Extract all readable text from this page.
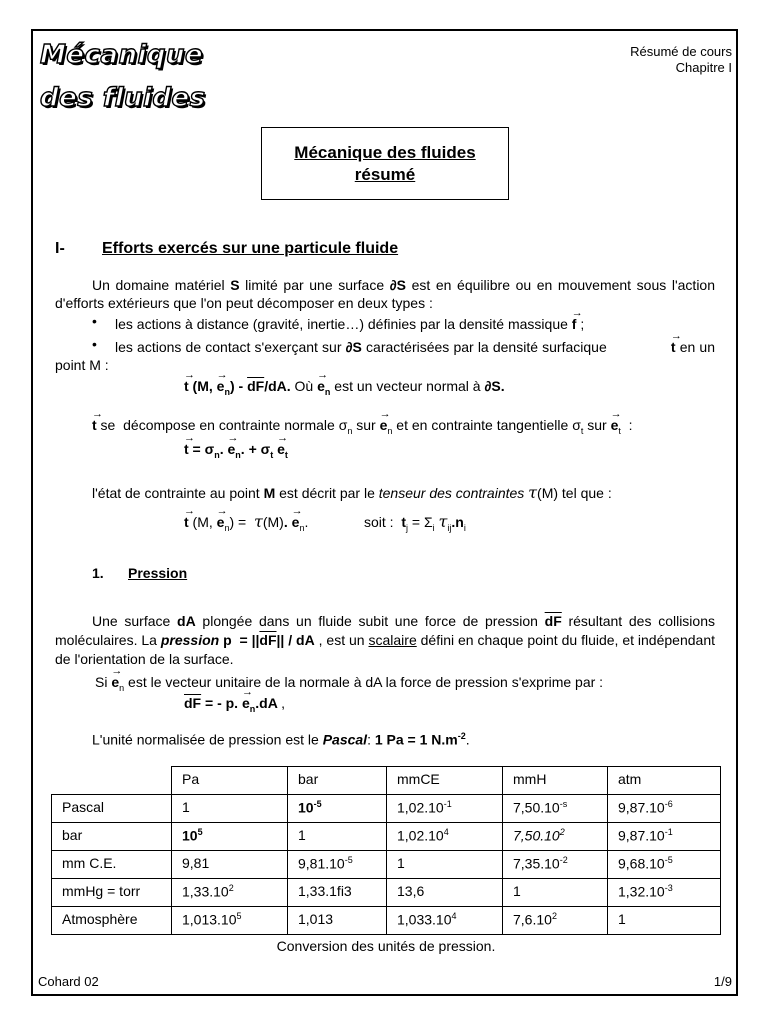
Mécanique
des fluides
Résumé de cours
Chapitre I
Mécanique des fluides
résumé
I- Efforts exercés sur une particule fluide
Un domaine matériel S limité par une surface ∂S est en équilibre ou en mouvement sous l'action d'efforts extérieurs que l'on peut décomposer en deux types :
• les actions à distance (gravité, inertie…) définies par la densité massique → f ;
•	les actions de contact s'exerçant sur ∂S caractérisées par la densité surfacique	→ t en un point M :
→ t (M, → $e_n) - \overline{dF}/dA$. Où → $e_n$ est un vecteur normal à ∂S.
→ t se  décompose en contrainte normale $\sigma_n$ sur → $e_n$ et en contrainte tangentielle $\sigma_t$ sur → $e_t$  :
→ $t = \sigma_n$. → $e_n$. + $\sigma_t \to e_t$
l'état de contrainte au point M est décrit par le tenseur des contraintes τ(M) tel que :
→ t (M, → $e_n) = \tau(M)$. → $e_n$.	soit :  $t_j = \Sigma_i$ $\tau_{ij}.n_i$
1. Pression
Une surface dA plongée dans un fluide subit une force de pression $\overline{dF}$ résultant des collisions moléculaires. La pression $p = ||\overline{dF}||$ / dA , est un scalaire défini en chaque point du fluide, et indépendant de l'orientation de la surface.
$Si \to e_n$ est le vecteur unitaire de la normale à dA la force de pression s'exprime par :
$\overline{dF}$ = - p. → $e_n.dA$ ,
L'unité normalisée de pression est le Pascal: 1 Pa = 1 $N.m^{-2}$.
	Pa	bar	mmCE	mmH	atm
Pascal	1	$10^{-5}$	$1,02.10^{-1}$	$7,50.10^{-s}$	$9,87.10^{-6}$
bar	$10^5$	1	1,02.10$^4$	7,50.10$^2$	$9,87.10^{-1}$
mm C.E.	9,81	$9,81.10^{-5}$	1	$7,35.10^{-2}$	$9,68.10^{-5}$
mmHg = torr	1,33.10$^2$	1,33.1fi3	13,6	1	$1,32.10^{-3}$
Atmosphère	1,013.10$^5$	1,013	1,033.10$^4$	7,6.10$^2$	1
Conversion des unités de pression.
Cohard 02	1/9
